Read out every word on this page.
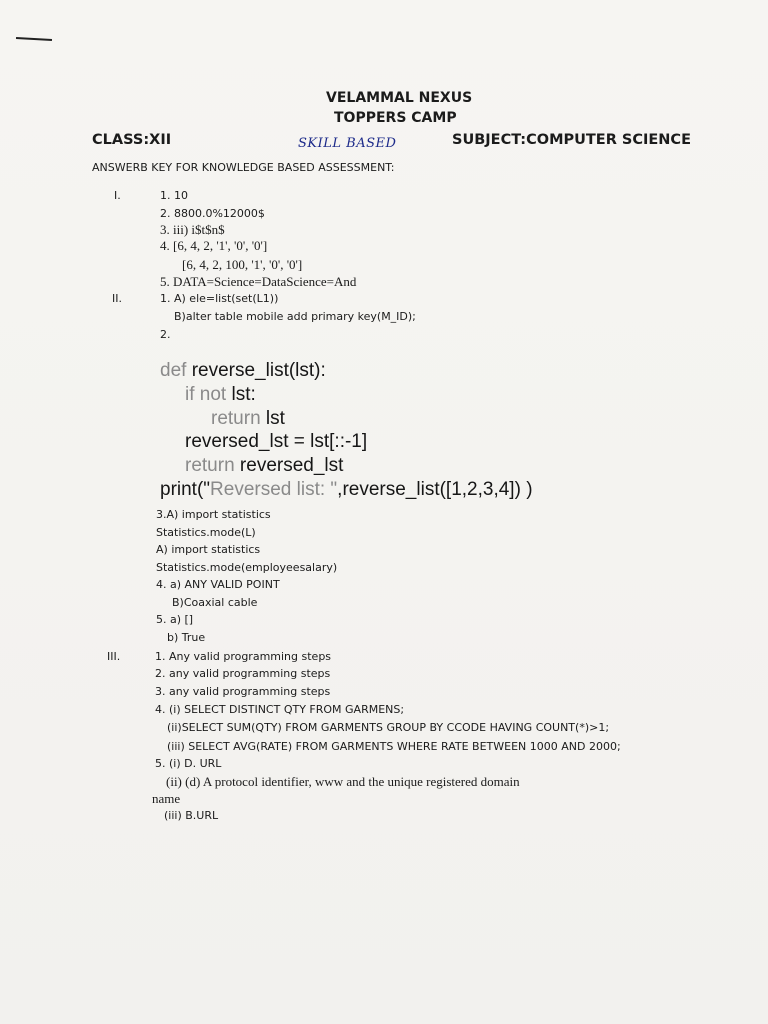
VELAMMAL NEXUS
TOPPERS CAMP
CLASS:XII	SKILL BASED	SUBJECT:COMPUTER SCIENCE
ANSWERB KEY FOR KNOWLEDGE BASED ASSESSMENT:
I.	1. 10
2. 8800.0%12000$
3. iii) i$t$n$
4. [6, 4, 2, '1', '0', '0']
[6, 4, 2, 100, '1', '0', '0']
5. DATA=Science=DataScience=And
II.	1. A) ele=list(set(L1))
B)alter table mobile add primary key(M_ID);
2.
def reverse_list(lst):
if not lst:
return lst
reversed_lst = lst[::-1]
return reversed_lst
print("Reversed list: ",reverse_list([1,2,3,4]) )
3.A) import statistics
Statistics.mode(L)
A) import statistics
Statistics.mode(employeesalary)
4. a) ANY VALID POINT
B)Coaxial cable
5. a) []
b) True
III.	1. Any valid programming steps
2. any valid programming steps
3. any valid programming steps
4. (i) SELECT DISTINCT QTY FROM GARMENS;
(ii)SELECT SUM(QTY) FROM GARMENTS GROUP BY CCODE HAVING COUNT(*)>1;
(iii) SELECT AVG(RATE) FROM GARMENTS WHERE RATE BETWEEN 1000 AND 2000;
5. (i) D. URL
(ii) (d) A protocol identifier, www and the unique registered domain
name
(iii) B.URL
